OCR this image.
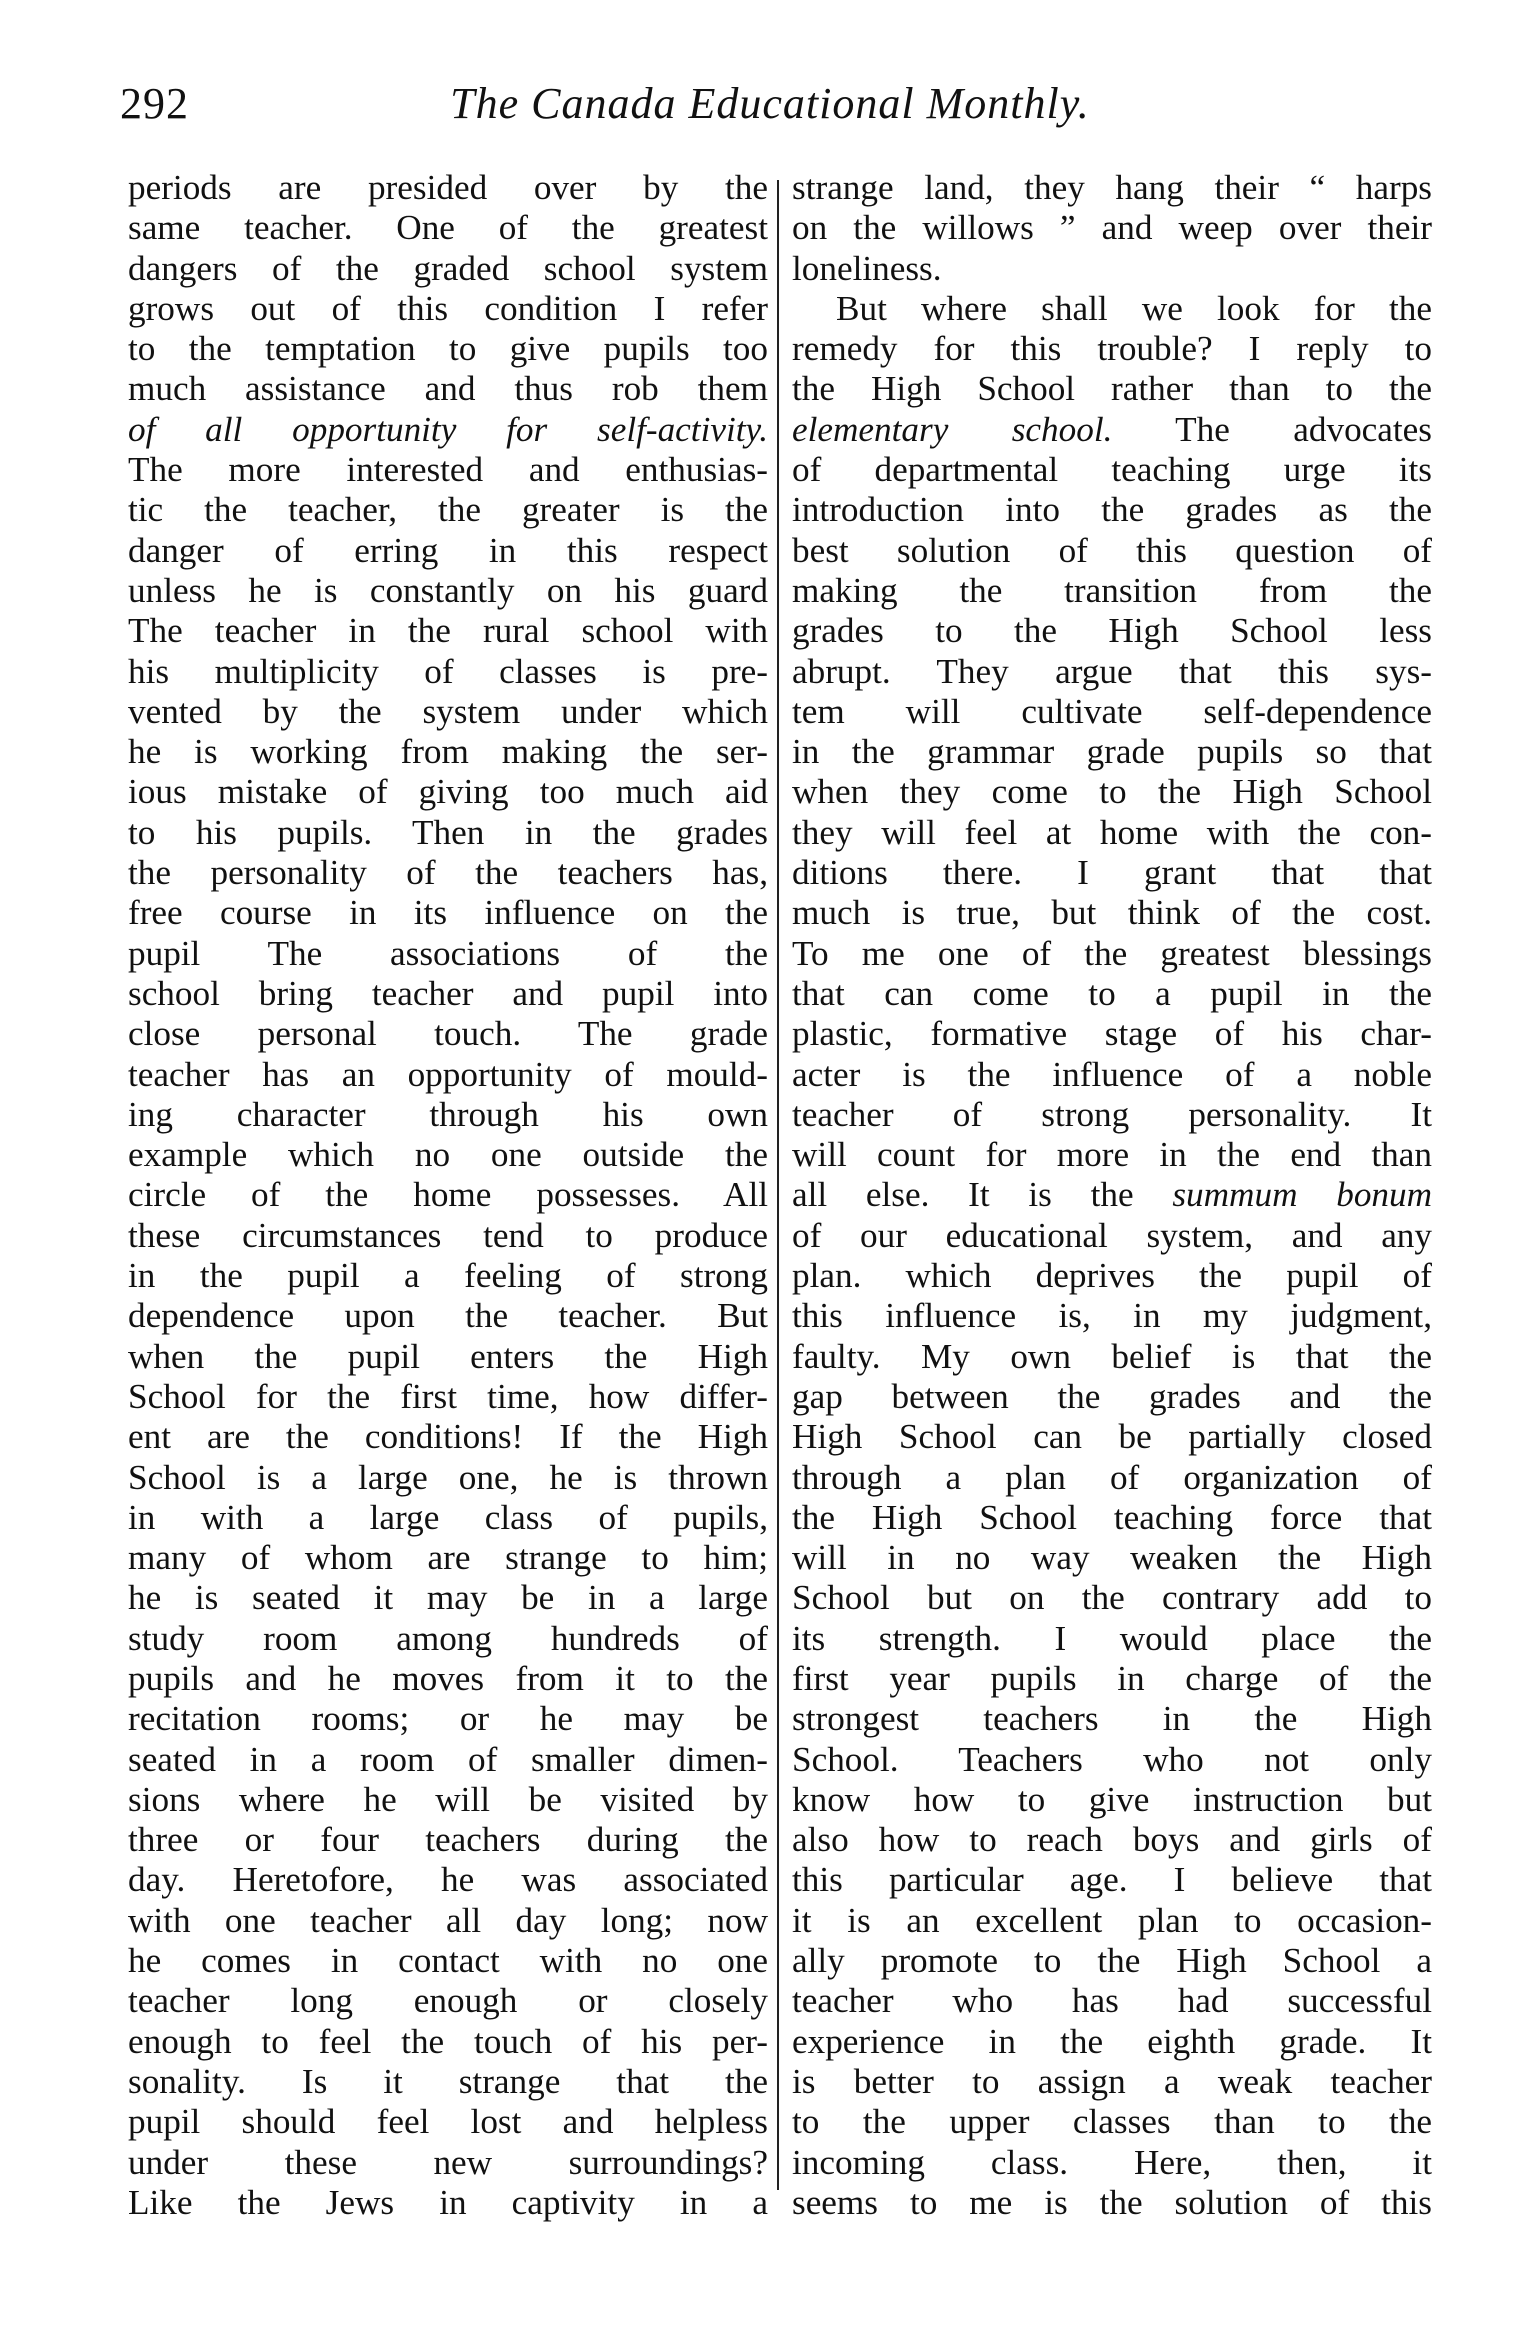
292	The Canada Educational Monthly.
periods are presided over by the
same teacher. One of the greatest
dangers of the graded school system
grows out of this condition I refer
to the temptation to give pupils too
much assistance and thus rob them
of all opportunity for self-activity.
The more interested and enthusias-
tic the teacher, the greater is the
danger of erring in this respect
unless he is constantly on his guard
The teacher in the rural school with
his multiplicity of classes is pre-
vented by the system under which
he is working from making the ser-
ious mistake of giving too much aid
to his pupils. Then in the grades
the personality of the teachers has,
free course in its influence on the
pupil The associations of the
school bring teacher and pupil into
close personal touch. The grade
teacher has an opportunity of mould-
ing character through his own
example which no one outside the
circle of the home possesses. All
these circumstances tend to produce
in the pupil a feeling of strong
dependence upon the teacher. But
when the pupil enters the High
School for the first time, how differ-
ent are the conditions! If the High
School is a large one, he is thrown
in with a large class of pupils,
many of whom are strange to him;
he is seated it may be in a large
study room among hundreds of
pupils and he moves from it to the
recitation rooms; or he may be
seated in a room of smaller dimen-
sions where he will be visited by
three or four teachers during the
day. Heretofore, he was associated
with one teacher all day long; now
he comes in contact with no one
teacher long enough or closely
enough to feel the touch of his per-
sonality. Is it strange that the
pupil should feel lost and helpless
under these new surroundings?
Like the Jews in captivity in a
strange land, they hang their “ harps
on the willows ” and weep over their
loneliness.
But where shall we look for the
remedy for this trouble? I reply to
the High School rather than to the
elementary school. The advocates
of departmental teaching urge its
introduction into the grades as the
best solution of this question of
making the transition from the
grades to the High School less
abrupt. They argue that this sys-
tem will cultivate self-dependence
in the grammar grade pupils so that
when they come to the High School
they will feel at home with the con-
ditions there. I grant that that
much is true, but think of the cost.
To me one of the greatest blessings
that can come to a pupil in the
plastic, formative stage of his char-
acter is the influence of a noble
teacher of strong personality. It
will count for more in the end than
all else. It is the summum bonum
of our educational system, and any
plan. which deprives the pupil of
this influence is, in my judgment,
faulty. My own belief is that the
gap between the grades and the
High School can be partially closed
through a plan of organization of
the High School teaching force that
will in no way weaken the High
School but on the contrary add to
its strength. I would place the
first year pupils in charge of the
strongest teachers in the High
School. Teachers who not only
know how to give instruction but
also how to reach boys and girls of
this particular age. I believe that
it is an excellent plan to occasion-
ally promote to the High School a
teacher who has had successful
experience in the eighth grade. It
is better to assign a weak teacher
to the upper classes than to the
incoming class. Here, then, it
seems to me is the solution of this
